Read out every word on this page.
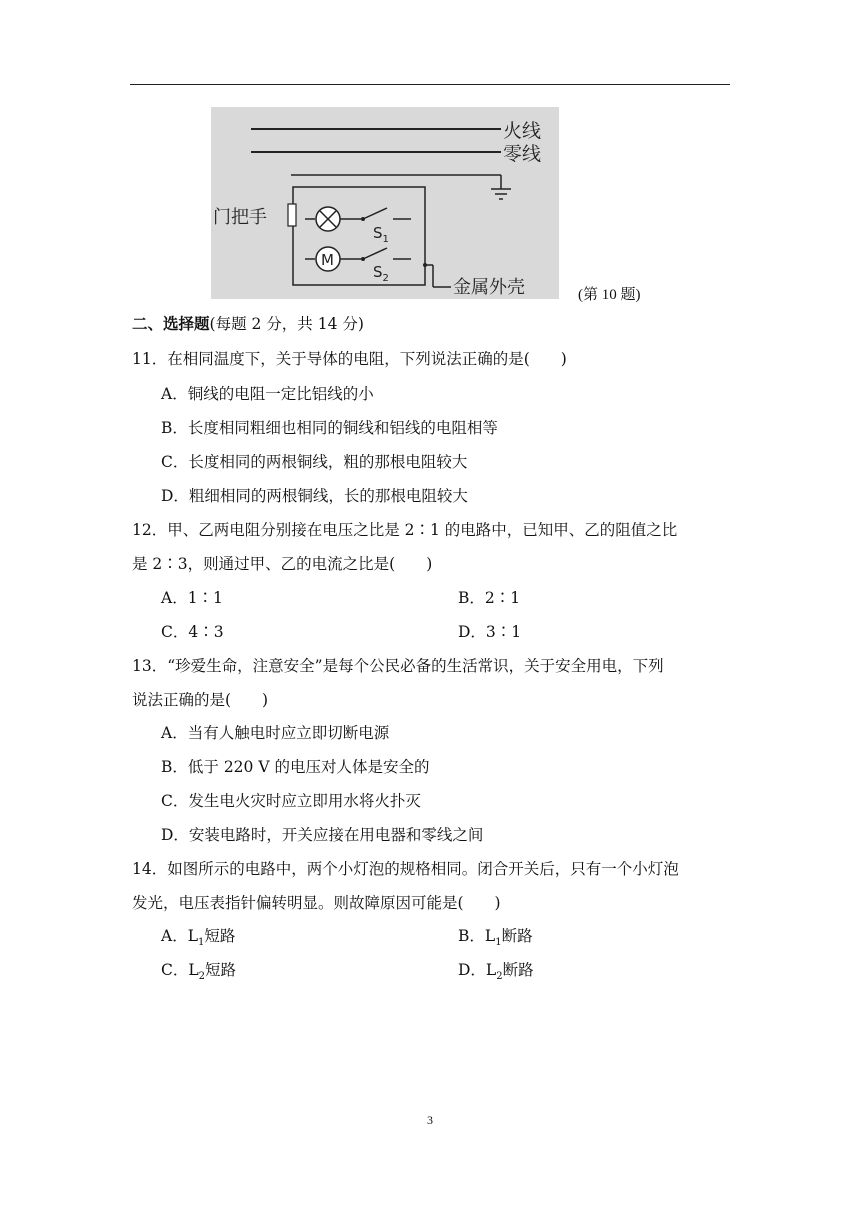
火线
零线
门把手
$S_1$
M
$S_2$	金属外壳	(第 10 题)
二、选择题(每题 2 分，共 14 分)
11．在相同温度下，关于导体的电阻，下列说法正确的是(　　)
A．铜线的电阻一定比铝线的小
B．长度相同粗细也相同的铜线和铝线的电阻相等
C．长度相同的两根铜线，粗的那根电阻较大
D．粗细相同的两根铜线，长的那根电阻较大
12．甲、乙两电阻分别接在电压之比是 2∶1 的电路中，已知甲、乙的阻值之比
是 2∶3，则通过甲、乙的电流之比是(　　)
A．1∶1	B．2∶1
C．4∶3	D．3∶1
13．“珍爱生命，注意安全”是每个公民必备的生活常识，关于安全用电，下列
说法正确的是(　　)
A．当有人触电时应立即切断电源
B．低于 220 V 的电压对人体是安全的
C．发生电火灾时应立即用水将火扑灭
D．安装电路时，开关应接在用电器和零线之间
14．如图所示的电路中，两个小灯泡的规格相同。闭合开关后，只有一个小灯泡
发光，电压表指针偏转明显。则故障原因可能是(　　)
A．$L_1$短路	B．$L_1$断路
C．$L_2$短路	D．$L_2$断路
3
